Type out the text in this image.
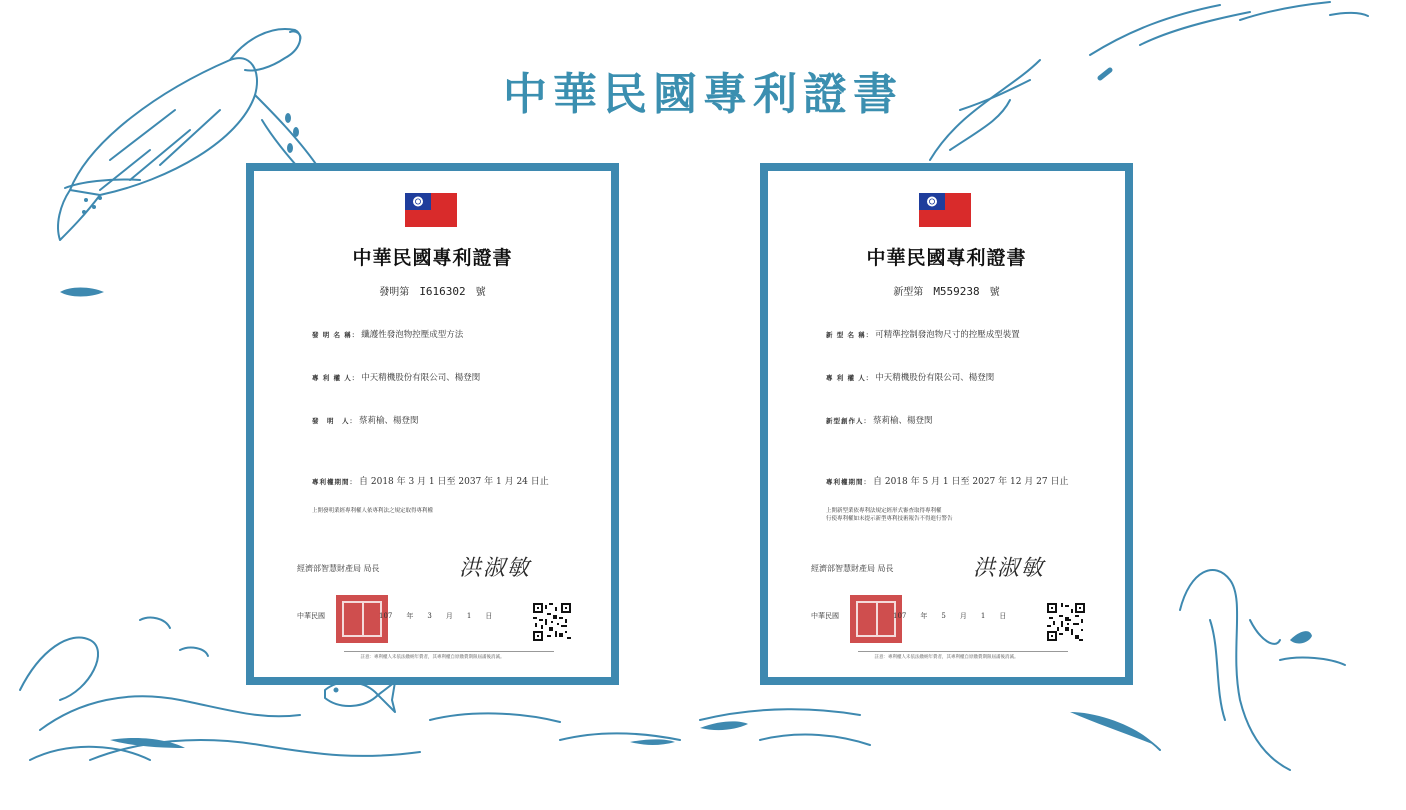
中華民國專利證書
中華民國專利證書
發明第 I616302 號
發 明 名 稱： 纖護性發泡物控壓成型方法
專 利 權 人： 中天精機股份有限公司、楊登閔
發　明　人： 蔡莉榆、楊登閔
專利權期間： 自 2018 年 3 月 1 日至 2037 年 1 月 24 日止
上開發明業經專利權人依專利法之規定取得專利權
經濟部智慧財產局 局長	洪淑敏
中華民國	107 年 3 月 1 日
註意：專利權人未依法繳納年費者，其專利權自原繳費期限屆滿後消滅。
中華民國專利證書
新型第 M559238 號
新 型 名 稱： 可精準控制發泡物尺寸的控壓成型裝置
專 利 權 人： 中天精機股份有限公司、楊登閔
新型創作人： 蔡莉榆、楊登閔
專利權期間： 自 2018 年 5 月 1 日至 2027 年 12 月 27 日止
上開新型業依專利法規定經形式審查取得專利權
行使專利權如未提示新型專利技術報告不得進行警告
經濟部智慧財產局 局長	洪淑敏
中華民國	107 年 5 月 1 日
註意：專利權人未依法繳納年費者，其專利權自原繳費期限屆滿後消滅。
